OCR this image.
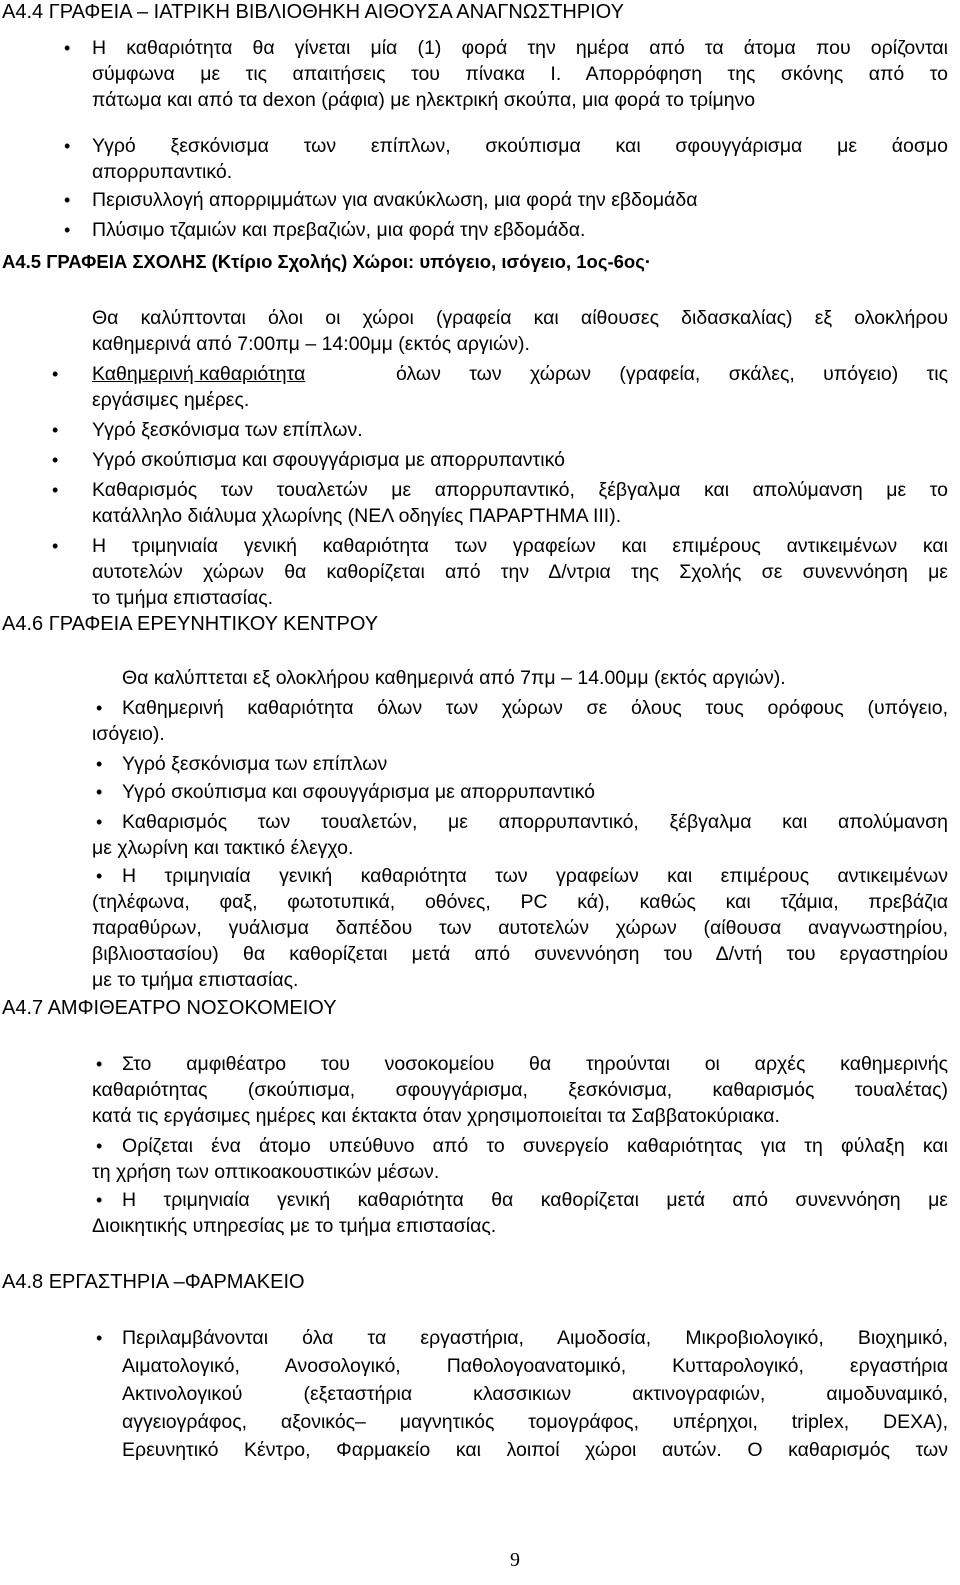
Α4.4 ΓΡΑΦΕΙΑ – ΙΑΤΡΙΚΗ ΒΙΒΛΙΟΘΗΚΗ ΑΙΘΟΥΣΑ ΑΝΑΓΝΩΣΤΗΡΙΟΥ
• Η καθαριότητα θα γίνεται μία (1) φορά την ημέρα από τα άτομα που ορίζονται
σύμφωνα με τις απαιτήσεις του πίνακα Ι. Απορρόφηση της σκόνης από το
πάτωμα και από τα dexon (ράφια) με ηλεκτρική σκούπα, μια φορά το τρίμηνο
• Υγρό ξεσκόνισμα των επίπλων, σκούπισμα και σφουγγάρισμα με άοσμο
απορρυπαντικό.
• Περισυλλογή απορριμμάτων για ανακύκλωση, μια φορά την εβδομάδα
• Πλύσιμο τζαμιών και πρεβαζιών, μια φορά την εβδομάδα.
Α4.5 ΓΡΑΦΕΙΑ ΣΧΟΛΗΣ (Κτίριο Σχολής) Χώροι: υπόγειο, ισόγειο, 1ος-6ος·
Θα καλύπτονται όλοι οι χώροι (γραφεία και αίθουσες διδασκαλίας) εξ ολοκλήρου
καθημερινά από 7:00πμ – 14:00μμ (εκτός αργιών).
• Καθημερινή καθαριότητα	όλων των χώρων (γραφεία, σκάλες, υπόγειο) τις
εργάσιμες ημέρες.
• Υγρό ξεσκόνισμα των επίπλων.
• Υγρό σκούπισμα και σφουγγάρισμα με απορρυπαντικό
• Καθαρισμός των τουαλετών με απορρυπαντικό, ξέβγαλμα και απολύμανση με το
κατάλληλο διάλυμα χλωρίνης (ΝΕΛ οδηγίες ΠΑΡΑΡΤΗΜΑ ΙΙΙ).
• Η τριμηνιαία γενική καθαριότητα των γραφείων και επιμέρους αντικειμένων και
αυτοτελών χώρων θα καθορίζεται από την Δ/ντρια της Σχολής σε συνεννόηση με
το τμήμα επιστασίας.
Α4.6 ΓΡΑΦΕΙΑ ΕΡΕΥΝΗΤΙΚΟΥ ΚΕΝΤΡΟΥ
Θα καλύπτεται εξ ολοκλήρου καθημερινά από 7πμ – 14.00μμ (εκτός αργιών).
• Καθημερινή καθαριότητα όλων των χώρων σε όλους τους ορόφους (υπόγειο,
ισόγειο).
• Υγρό ξεσκόνισμα των επίπλων
• Υγρό σκούπισμα και σφουγγάρισμα με απορρυπαντικό
• Καθαρισμός των τουαλετών, με απορρυπαντικό, ξέβγαλμα και απολύμανση
με χλωρίνη και τακτικό έλεγχο.
• Η τριμηνιαία γενική καθαριότητα των γραφείων και επιμέρους αντικειμένων
(τηλέφωνα, φαξ, φωτοτυπικά, οθόνες, PC κά), καθώς και τζάμια, πρεβάζια
παραθύρων, γυάλισμα δαπέδου των αυτοτελών χώρων (αίθουσα αναγνωστηρίου,
βιβλιοστασίου) θα καθορίζεται μετά από συνεννόηση του Δ/ντή του εργαστηρίου
με το τμήμα επιστασίας.
Α4.7 ΑΜΦΙΘΕΑΤΡΟ ΝΟΣΟΚΟΜΕΙΟΥ
• Στο αμφιθέατρο του νοσοκομείου θα τηρούνται οι αρχές καθημερινής
καθαριότητας (σκούπισμα, σφουγγάρισμα, ξεσκόνισμα, καθαρισμός τουαλέτας)
κατά τις εργάσιμες ημέρες και έκτακτα όταν χρησιμοποιείται τα Σαββατοκύριακα.
• Ορίζεται ένα άτομο υπεύθυνο από το συνεργείο καθαριότητας για τη φύλαξη και
τη χρήση των οπτικοακουστικών μέσων.
• Η τριμηνιαία γενική καθαριότητα θα καθορίζεται μετά από συνεννόηση με
Διοικητικής υπηρεσίας με το τμήμα επιστασίας.
Α4.8 ΕΡΓΑΣΤΗΡΙΑ –ΦΑΡΜΑΚΕΙΟ
• Περιλαμβάνονται όλα τα εργαστήρια, Αιμοδοσία, Μικροβιολογικό, Βιοχημικό,
Αιματολογικό, Ανοσολογικό, Παθολογοανατομικό, Κυτταρολογικό, εργαστήρια
Ακτινολογικού (εξεταστήρια κλασσικιων ακτινογραφιών, αιμοδυναμικό,
αγγειογράφος, αξονικός– μαγνητικός τομογράφος, υπέρηχοι, triplex, DEXA),
Ερευνητικό Κέντρο, Φαρμακείο και λοιποί χώροι αυτών. Ο καθαρισμός των
9
